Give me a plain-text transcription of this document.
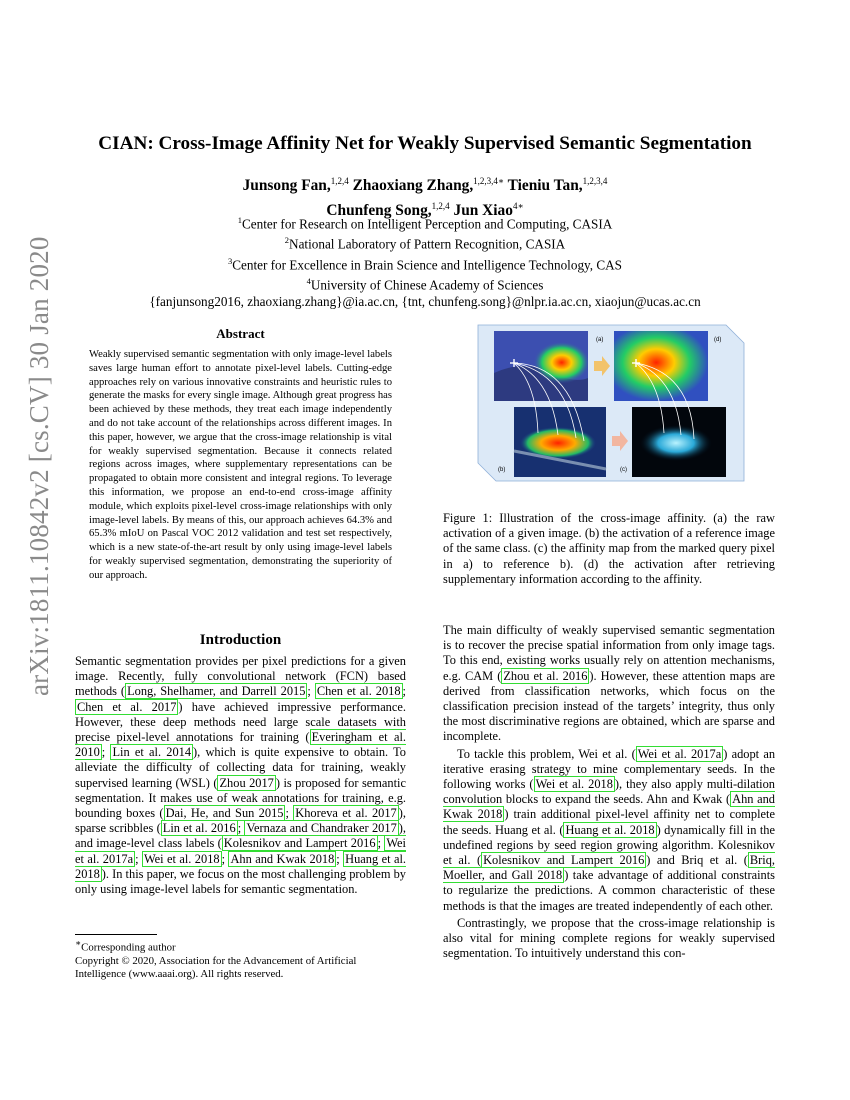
arXiv:1811.10842v2 [cs.CV] 30 Jan 2020
CIAN: Cross-Image Affinity Net for Weakly Supervised Semantic Segmentation
Junsong Fan,$^{1,2,4}$ Zhaoxiang Zhang,$^{1,2,3,4∗}$ Tieniu Tan,$^{1,2,3,4}$
Chunfeng Song,$^{1,2,4}$ Jun Xiao$^{4∗}$
$^1$Center for Research on Intelligent Perception and Computing, CASIA
$^2$National Laboratory of Pattern Recognition, CASIA
$^3$Center for Excellence in Brain Science and Intelligence Technology, CAS
$^4$University of Chinese Academy of Sciences
{fanjunsong2016, zhaoxiang.zhang}@ia.ac.cn, {tnt, chunfeng.song}@nlpr.ia.ac.cn, xiaojun@ucas.ac.cn
Abstract
Weakly supervised semantic segmentation with only image-level labels saves large human effort to annotate pixel-level labels. Cutting-edge approaches rely on various innovative constraints and heuristic rules to generate the masks for every single image. Although great progress has been achieved by these methods, they treat each image independently and do not take account of the relationships across different images. In this paper, however, we argue that the cross-image relationship is vital for weakly supervised segmentation. Because it connects related regions across images, where supplementary representations can be propagated to obtain more consistent and integral regions. To leverage this information, we propose an end-to-end cross-image affinity module, which exploits pixel-level cross-image relationships with only image-level labels. By means of this, our approach achieves 64.3% and 65.3% mIoU on Pascal VOC 2012 validation and test set respectively, which is a new state-of-the-art result by only using image-level labels for weakly supervised segmentation, demonstrating the superiority of our approach.
(a)	(d)
(b)	(c)
Figure 1: Illustration of the cross-image affinity. (a) the raw activation of a given image. (b) the activation of a reference image of the same class. (c) the affinity map from the marked query pixel in a) to reference b). (d) the activation after retrieving supplementary information according to the affinity.
Introduction

Semantic segmentation provides per pixel predictions for a given image. Recently, fully convolutional network (FCN) based methods ( Long, Shelhamer, and Darrell 2015 ; Chen et al. 2018 ; Chen et al. 2017 ) have achieved impressive performance. However, these deep methods need large scale datasets with precise pixel-level annotations for training ( Everingham et al. 2010 ; Lin et al. 2014 ), which is quite expensive to obtain. To alleviate the difficulty of collecting data for training, weakly supervised learning (WSL) ( Zhou 2017 ) is proposed for semantic segmentation. It makes use of weak annotations for training, e.g. bounding boxes ( Dai, He, and Sun 2015 ; Khoreva et al. 2017 ), sparse scribbles ( Lin et al. 2016 ; Vernaza and Chandraker 2017 ), and image-level class labels ( Kolesnikov and Lampert 2016 ; Wei et al. 2017a ; Wei et al. 2018 ; Ahn and Kwak 2018 ; Huang et al. 2018 ). In this paper, we focus on the most challenging problem by only using image-level labels for semantic segmentation.

The main difficulty of weakly supervised semantic segmentation is to recover the precise spatial information from only image tags. To this end, existing works usually rely on attention mechanisms, e.g. CAM ( Zhou et al. 2016 ). However, these attention maps are derived from classification networks, which focus on the classification precision instead of the targets’ integrity, thus only the most discriminative regions are obtained, which are sparse and incomplete.

To tackle this problem, Wei et al. ( Wei et al. 2017a ) adopt an iterative erasing strategy to mine complementary seeds. In the following works ( Wei et al. 2018 ), they also apply multi-dilation convolution blocks to expand the seeds. Ahn and Kwak ( Ahn and Kwak 2018 ) train additional pixel-level affinity net to complete the seeds. Huang et al. ( Huang et al. 2018 ) dynamically fill in the undefined regions by seed region growing algorithm. Kolesnikov et al. ( Kolesnikov and Lampert 2016 ) and Briq et al. ( Briq, Moeller, and Gall 2018 ) take advantage of additional constraints to regularize the predictions. A common characteristic of these methods is that the images are treated independently of each other.

Contrastingly, we propose that the cross-image relationship is also vital for mining complete regions for weakly supervised segmentation. To intuitively understand this con-

∗Corresponding author
Copyright © 2020, Association for the Advancement of Artificial Intelligence (www.aaai.org). All rights reserved.
